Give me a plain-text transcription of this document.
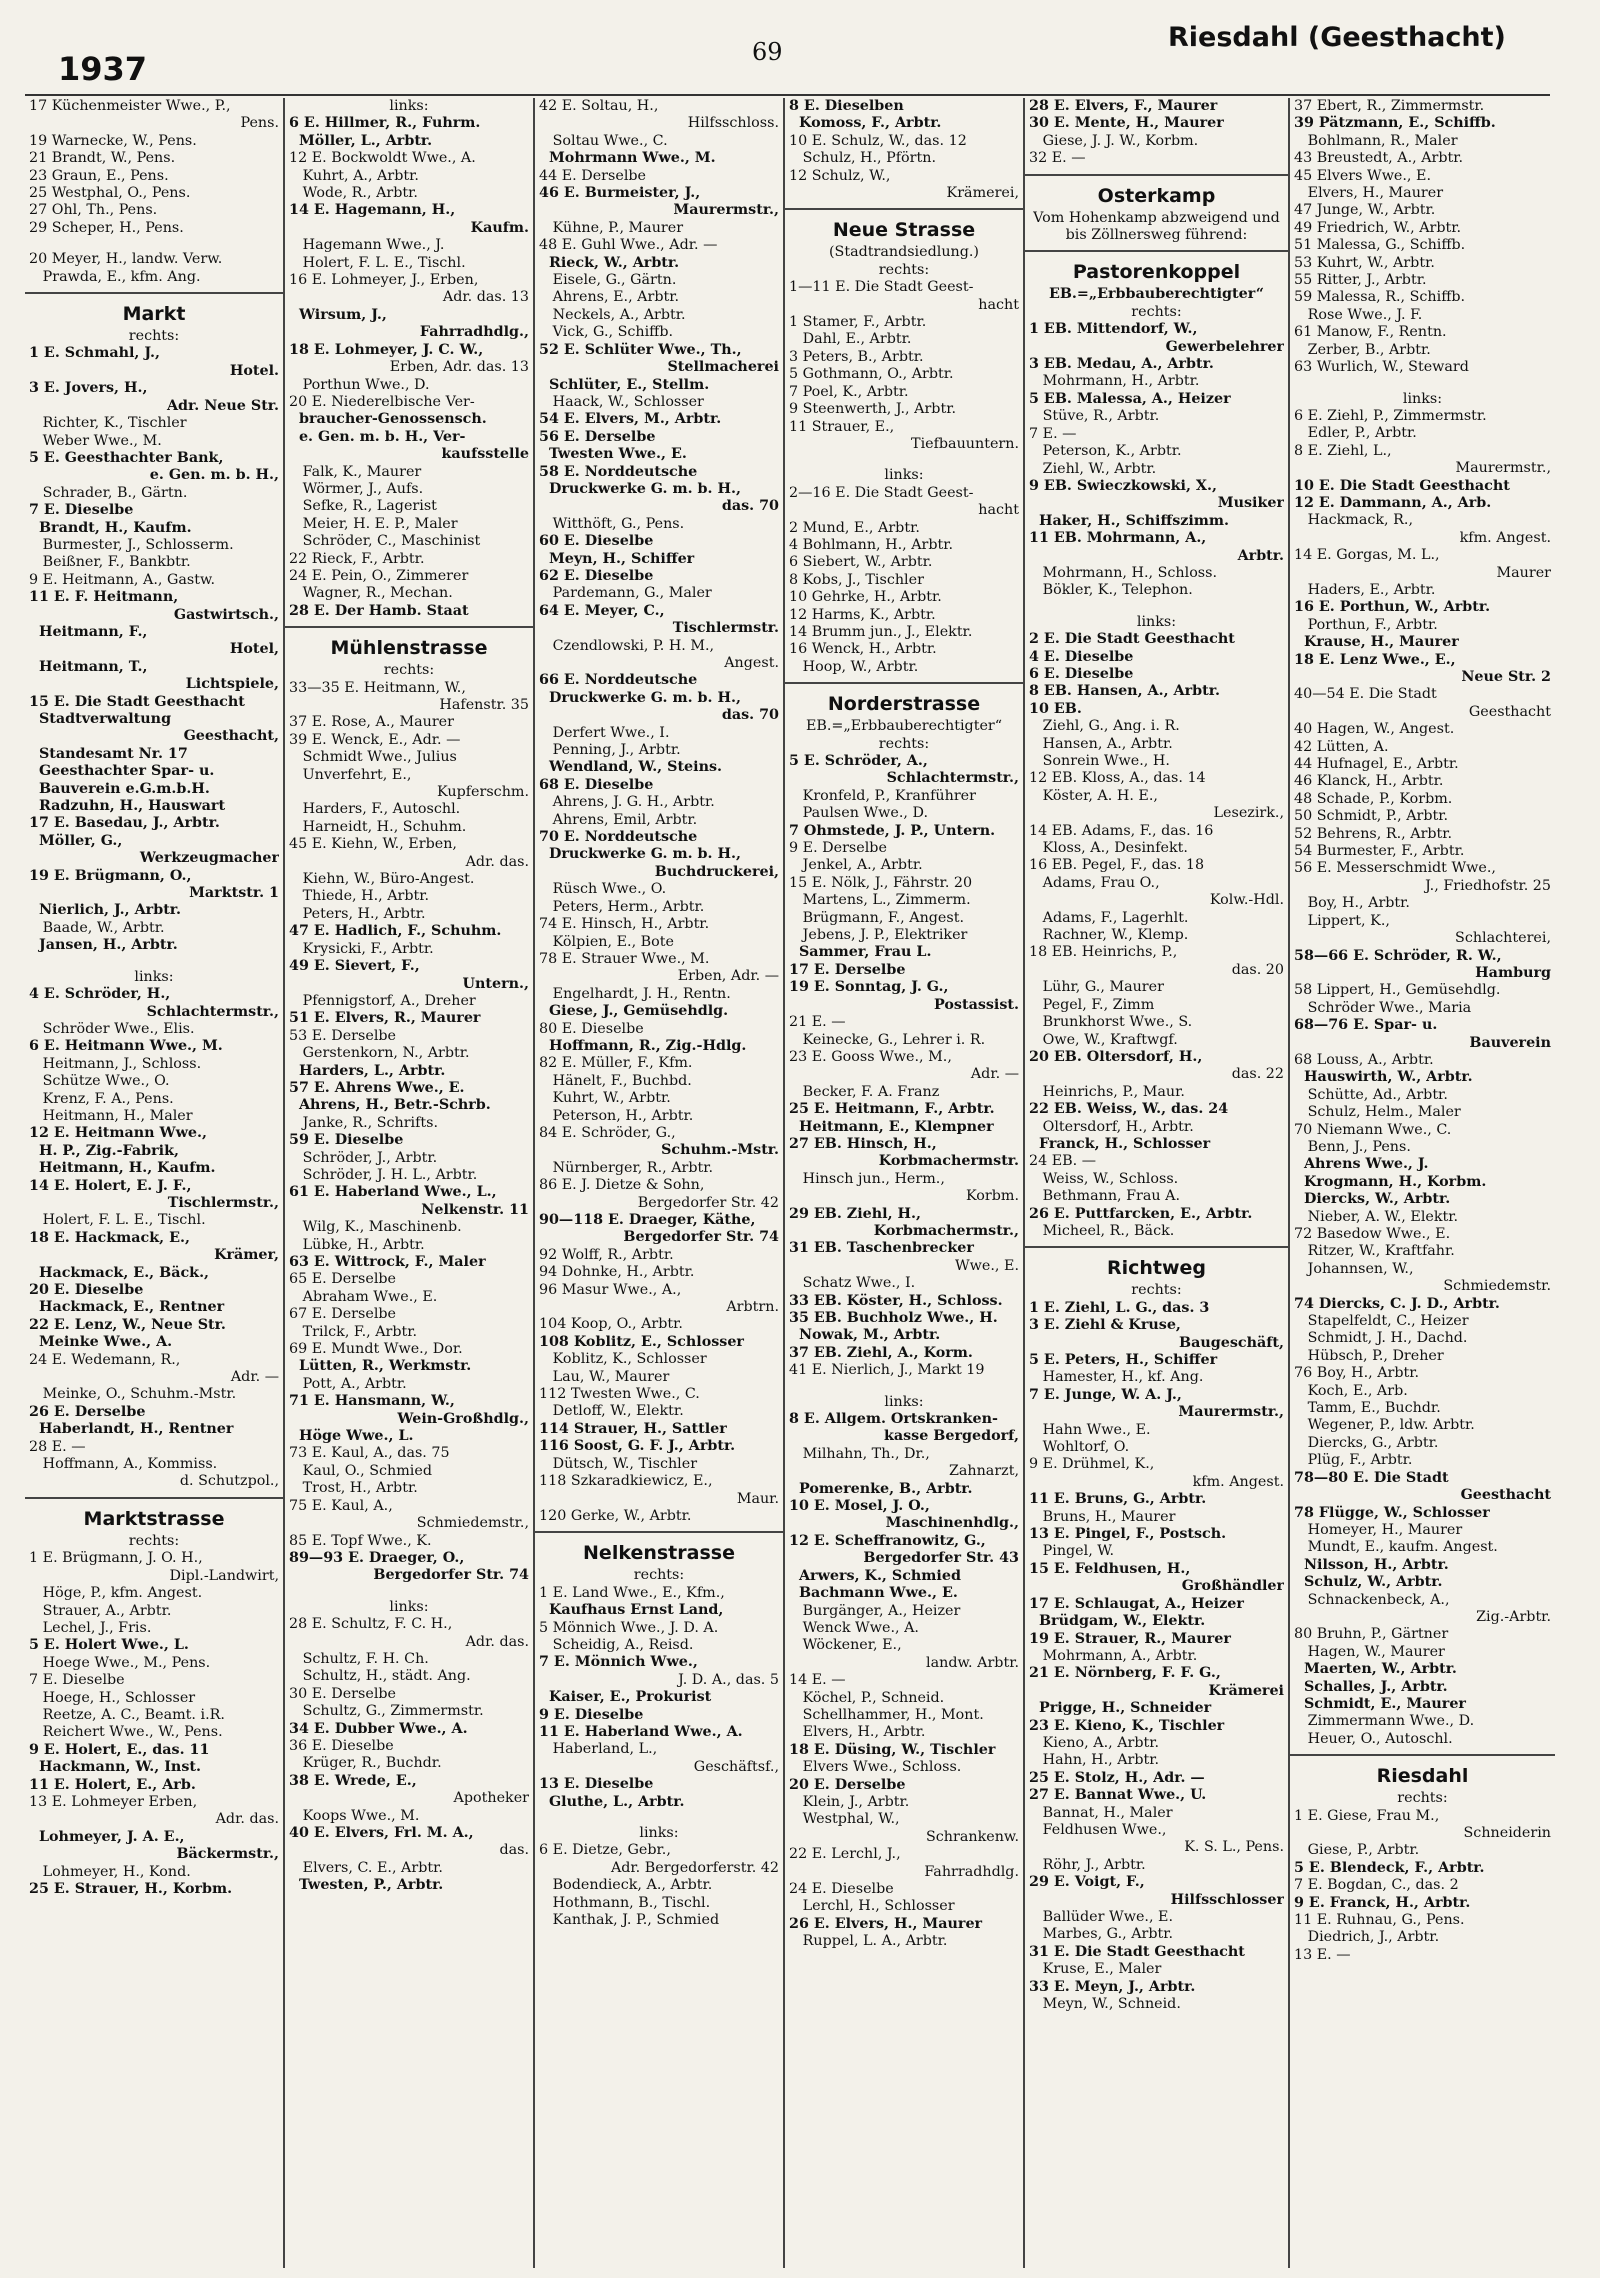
1937	69	Riesdahl (Geesthacht)
17 Küchenmeister Wwe., P.,
Pens.
19 Warnecke, W., Pens.
21 Brandt, W., Pens.
23 Graun, E., Pens.
25 Westphal, O., Pens.
27 Ohl, Th., Pens.
29 Scheper, H., Pens.
20 Meyer, H., landw. Verw.
Prawda, E., kfm. Ang.
Markt
rechts:
1 E. Schmahl, J.,
Hotel.
3 E. Jovers, H.,
Adr. Neue Str.
Richter, K., Tischler
Weber Wwe., M.
5 E. Geesthachter Bank,
e. Gen. m. b. H.,
Schrader, B., Gärtn.
7 E. Dieselbe
Brandt, H., Kaufm.
Burmester, J., Schlosserm.
Beißner, F., Bankbtr.
9 E. Heitmann, A., Gastw.
11 E. F. Heitmann,
Gastwirtsch.,
Heitmann, F.,
Hotel,
Heitmann, T.,
Lichtspiele,
15 E. Die Stadt Geesthacht
Stadtverwaltung
Geesthacht,
Standesamt Nr. 17
Geesthachter Spar- u.
Bauverein e.G.m.b.H.
Radzuhn, H., Hauswart
17 E. Basedau, J., Arbtr.
Möller, G.,
Werkzeugmacher
19 E. Brügmann, O.,
Marktstr. 1
Nierlich, J., Arbtr.
Baade, W., Arbtr.
Jansen, H., Arbtr.
links:
4 E. Schröder, H.,
Schlachtermstr.,
Schröder Wwe., Elis.
6 E. Heitmann Wwe., M.
Heitmann, J., Schloss.
Schütze Wwe., O.
Krenz, F. A., Pens.
Heitmann, H., Maler
12 E. Heitmann Wwe.,
H. P., Zig.-Fabrik,
Heitmann, H., Kaufm.
14 E. Holert, E. J. F.,
Tischlermstr.,
Holert, F. L. E., Tischl.
18 E. Hackmack, E.,
Krämer,
Hackmack, E., Bäck.,
20 E. Dieselbe
Hackmack, E., Rentner
22 E. Lenz, W., Neue Str.
Meinke Wwe., A.
24 E. Wedemann, R.,
Adr. —
Meinke, O., Schuhm.-Mstr.
26 E. Derselbe
Haberlandt, H., Rentner
28 E. —
Hoffmann, A., Kommiss.
d. Schutzpol.,
Marktstrasse
rechts:
1 E. Brügmann, J. O. H.,
Dipl.-Landwirt,
Höge, P., kfm. Angest.
Strauer, A., Arbtr.
Lechel, J., Fris.
5 E. Holert Wwe., L.
Hoege Wwe., M., Pens.
7 E. Dieselbe
Hoege, H., Schlosser
Reetze, A. C., Beamt. i.R.
Reichert Wwe., W., Pens.
9 E. Holert, E., das. 11
Hackmann, W., Inst.
11 E. Holert, E., Arb.
13 E. Lohmeyer Erben,
Adr. das.
Lohmeyer, J. A. E.,
Bäckermstr.,
Lohmeyer, H., Kond.
25 E. Strauer, H., Korbm.
links:
6 E. Hillmer, R., Fuhrm.
Möller, L., Arbtr.
12 E. Bockwoldt Wwe., A.
Kuhrt, A., Arbtr.
Wode, R., Arbtr.
14 E. Hagemann, H.,
Kaufm.
Hagemann Wwe., J.
Holert, F. L. E., Tischl.
16 E. Lohmeyer, J., Erben,
Adr. das. 13
Wirsum, J.,
Fahrradhdlg.,
18 E. Lohmeyer, J. C. W.,
Erben, Adr. das. 13
Porthun Wwe., D.
20 E. Niederelbische Ver-
braucher-Genossensch.
e. Gen. m. b. H., Ver-
kaufsstelle
Falk, K., Maurer
Wörmer, J., Aufs.
Sefke, R., Lagerist
Meier, H. E. P., Maler
Schröder, C., Maschinist
22 Rieck, F., Arbtr.
24 E. Pein, O., Zimmerer
Wagner, R., Mechan.
28 E. Der Hamb. Staat
Mühlenstrasse
rechts:
33—35 E. Heitmann, W.,
Hafenstr. 35
37 E. Rose, A., Maurer
39 E. Wenck, E., Adr. —
Schmidt Wwe., Julius
Unverfehrt, E.,
Kupferschm.
Harders, F., Autoschl.
Harneidt, H., Schuhm.
45 E. Kiehn, W., Erben,
Adr. das.
Kiehn, W., Büro-Angest.
Thiede, H., Arbtr.
Peters, H., Arbtr.
47 E. Hadlich, F., Schuhm.
Krysicki, F., Arbtr.
49 E. Sievert, F.,
Untern.,
Pfennigstorf, A., Dreher
51 E. Elvers, R., Maurer
53 E. Derselbe
Gerstenkorn, N., Arbtr.
Harders, L., Arbtr.
57 E. Ahrens Wwe., E.
Ahrens, H., Betr.-Schrb.
Janke, R., Schrifts.
59 E. Dieselbe
Schröder, J., Arbtr.
Schröder, J. H. L., Arbtr.
61 E. Haberland Wwe., L.,
Nelkenstr. 11
Wilg, K., Maschinenb.
Lübke, H., Arbtr.
63 E. Wittrock, F., Maler
65 E. Derselbe
Abraham Wwe., E.
67 E. Derselbe
Trilck, F., Arbtr.
69 E. Mundt Wwe., Dor.
Lütten, R., Werkmstr.
Pott, A., Arbtr.
71 E. Hansmann, W.,
Wein-Großhdlg.,
Höge Wwe., L.
73 E. Kaul, A., das. 75
Kaul, O., Schmied
Trost, H., Arbtr.
75 E. Kaul, A.,
Schmiedemstr.,
85 E. Topf Wwe., K.
89—93 E. Draeger, O.,
Bergedorfer Str. 74
links:
28 E. Schultz, F. C. H.,
Adr. das.
Schultz, F. H. Ch.
Schultz, H., städt. Ang.
30 E. Derselbe
Schultz, G., Zimmermstr.
34 E. Dubber Wwe., A.
36 E. Dieselbe
Krüger, R., Buchdr.
38 E. Wrede, E.,
Apotheker
Koops Wwe., M.
40 E. Elvers, Frl. M. A.,
das.
Elvers, C. E., Arbtr.
Twesten, P., Arbtr.
42 E. Soltau, H.,
Hilfsschloss.
Soltau Wwe., C.
Mohrmann Wwe., M.
44 E. Derselbe
46 E. Burmeister, J.,
Maurermstr.,
Kühne, P., Maurer
48 E. Guhl Wwe., Adr. —
Rieck, W., Arbtr.
Eisele, G., Gärtn.
Ahrens, E., Arbtr.
Neckels, A., Arbtr.
Vick, G., Schiffb.
52 E. Schlüter Wwe., Th.,
Stellmacherei
Schlüter, E., Stellm.
Haack, W., Schlosser
54 E. Elvers, M., Arbtr.
56 E. Derselbe
Twesten Wwe., E.
58 E. Norddeutsche
Druckwerke G. m. b. H.,
das. 70
Witthöft, G., Pens.
60 E. Dieselbe
Meyn, H., Schiffer
62 E. Dieselbe
Pardemann, G., Maler
64 E. Meyer, C.,
Tischlermstr.
Czendlowski, P. H. M.,
Angest.
66 E. Norddeutsche
Druckwerke G. m. b. H.,
das. 70
Derfert Wwe., I.
Penning, J., Arbtr.
Wendland, W., Steins.
68 E. Dieselbe
Ahrens, J. G. H., Arbtr.
Ahrens, Emil, Arbtr.
70 E. Norddeutsche
Druckwerke G. m. b. H.,
Buchdruckerei,
Rüsch Wwe., O.
Peters, Herm., Arbtr.
74 E. Hinsch, H., Arbtr.
Kölpien, E., Bote
78 E. Strauer Wwe., M.
Erben, Adr. —
Engelhardt, J. H., Rentn.
Giese, J., Gemüsehdlg.
80 E. Dieselbe
Hoffmann, R., Zig.-Hdlg.
82 E. Müller, F., Kfm.
Hänelt, F., Buchbd.
Kuhrt, W., Arbtr.
Peterson, H., Arbtr.
84 E. Schröder, G.,
Schuhm.-Mstr.
Nürnberger, R., Arbtr.
86 E. J. Dietze & Sohn,
Bergedorfer Str. 42
90—118 E. Draeger, Käthe,
Bergedorfer Str. 74
92 Wolff, R., Arbtr.
94 Dohnke, H., Arbtr.
96 Masur Wwe., A.,
Arbtrn.
104 Koop, O., Arbtr.
108 Koblitz, E., Schlosser
Koblitz, K., Schlosser
Lau, W., Maurer
112 Twesten Wwe., C.
Detloff, W., Elektr.
114 Strauer, H., Sattler
116 Soost, G. F. J., Arbtr.
Dütsch, W., Tischler
118 Szkaradkiewicz, E.,
Maur.
120 Gerke, W., Arbtr.
Nelkenstrasse
rechts:
1 E. Land Wwe., E., Kfm.,
Kaufhaus Ernst Land,
5 Mönnich Wwe., J. D. A.
Scheidig, A., Reisd.
7 E. Mönnich Wwe.,
J. D. A., das. 5
Kaiser, E., Prokurist
9 E. Dieselbe
11 E. Haberland Wwe., A.
Haberland, L.,
Geschäftsf.,
13 E. Dieselbe
Gluthe, L., Arbtr.
links:
6 E. Dietze, Gebr.,
Adr. Bergedorferstr. 42
Bodendieck, A., Arbtr.
Hothmann, B., Tischl.
Kanthak, J. P., Schmied
8 E. Dieselben
Komoss, F., Arbtr.
10 E. Schulz, W., das. 12
Schulz, H., Pförtn.
12 Schulz, W.,
Krämerei,
Neue Strasse
(Stadtrandsiedlung.)
rechts:
1—11 E. Die Stadt Geest-
hacht
1 Stamer, F., Arbtr.
Dahl, E., Arbtr.
3 Peters, B., Arbtr.
5 Gothmann, O., Arbtr.
7 Poel, K., Arbtr.
9 Steenwerth, J., Arbtr.
11 Strauer, E.,
Tiefbauuntern.
links:
2—16 E. Die Stadt Geest-
hacht
2 Mund, E., Arbtr.
4 Bohlmann, H., Arbtr.
6 Siebert, W., Arbtr.
8 Kobs, J., Tischler
10 Gehrke, H., Arbtr.
12 Harms, K., Arbtr.
14 Brumm jun., J., Elektr.
16 Wenck, H., Arbtr.
Hoop, W., Arbtr.
Norderstrasse
EB.=„Erbbauberechtigter“
rechts:
5 E. Schröder, A.,
Schlachtermstr.,
Kronfeld, P., Kranführer
Paulsen Wwe., D.
7 Ohmstede, J. P., Untern.
9 E. Derselbe
Jenkel, A., Arbtr.
15 E. Nölk, J., Fährstr. 20
Martens, L., Zimmerm.
Brügmann, F., Angest.
Jebens, J. P., Elektriker
Sammer, Frau L.
17 E. Derselbe
19 E. Sonntag, J. G.,
Postassist.
21 E. —
Keinecke, G., Lehrer i. R.
23 E. Gooss Wwe., M.,
Adr. —
Becker, F. A. Franz
25 E. Heitmann, F., Arbtr.
Heitmann, E., Klempner
27 EB. Hinsch, H.,
Korbmachermstr.
Hinsch jun., Herm.,
Korbm.
29 EB. Ziehl, H.,
Korbmachermstr.,
31 EB. Taschenbrecker
Wwe., E.
Schatz Wwe., I.
33 EB. Köster, H., Schloss.
35 EB. Buchholz Wwe., H.
Nowak, M., Arbtr.
37 EB. Ziehl, A., Korm.
41 E. Nierlich, J., Markt 19
links:
8 E. Allgem. Ortskranken-
kasse Bergedorf,
Milhahn, Th., Dr.,
Zahnarzt,
Pomerenke, B., Arbtr.
10 E. Mosel, J. O.,
Maschinenhdlg.,
12 E. Scheffranowitz, G.,
Bergedorfer Str. 43
Arwers, K., Schmied
Bachmann Wwe., E.
Burgänger, A., Heizer
Wenck Wwe., A.
Wöckener, E.,
landw. Arbtr.
14 E. —
Köchel, P., Schneid.
Schellhammer, H., Mont.
Elvers, H., Arbtr.
18 E. Düsing, W., Tischler
Elvers Wwe., Schloss.
20 E. Derselbe
Klein, J., Arbtr.
Westphal, W.,
Schrankenw.
22 E. Lerchl, J.,
Fahrradhdlg.
24 E. Dieselbe
Lerchl, H., Schlosser
26 E. Elvers, H., Maurer
Ruppel, L. A., Arbtr.
28 E. Elvers, F., Maurer
30 E. Mente, H., Maurer
Giese, J. J. W., Korbm.
32 E. —
Osterkamp
Vom Hohenkamp abzweigend und bis Zöllnersweg führend:
Pastorenkoppel
EB.=„Erbbauberechtigter“
rechts:
1 EB. Mittendorf, W.,
Gewerbelehrer
3 EB. Medau, A., Arbtr.
Mohrmann, H., Arbtr.
5 EB. Malessa, A., Heizer
Stüve, R., Arbtr.
7 E. —
Peterson, K., Arbtr.
Ziehl, W., Arbtr.
9 EB. Swieczkowski, X.,
Musiker
Haker, H., Schiffszimm.
11 EB. Mohrmann, A.,
Arbtr.
Mohrmann, H., Schloss.
Bökler, K., Telephon.
links:
2 E. Die Stadt Geesthacht
4 E. Dieselbe
6 E. Dieselbe
8 EB. Hansen, A., Arbtr.
10 EB.
Ziehl, G., Ang. i. R.
Hansen, A., Arbtr.
Sonrein Wwe., H.
12 EB. Kloss, A., das. 14
Köster, A. H. E.,
Lesezirk.,
14 EB. Adams, F., das. 16
Kloss, A., Desinfekt.
16 EB. Pegel, F., das. 18
Adams, Frau O.,
Kolw.-Hdl.
Adams, F., Lagerhlt.
Rachner, W., Klemp.
18 EB. Heinrichs, P.,
das. 20
Lühr, G., Maurer
Pegel, F., Zimm
Brunkhorst Wwe., S.
Owe, W., Kraftwgf.
20 EB. Oltersdorf, H.,
das. 22
Heinrichs, P., Maur.
22 EB. Weiss, W., das. 24
Oltersdorf, H., Arbtr.
Franck, H., Schlosser
24 EB. —
Weiss, W., Schloss.
Bethmann, Frau A.
26 E. Puttfarcken, E., Arbtr.
Micheel, R., Bäck.
Richtweg
rechts:
1 E. Ziehl, L. G., das. 3
3 E. Ziehl & Kruse,
Baugeschäft,
5 E. Peters, H., Schiffer
Hamester, H., kf. Ang.
7 E. Junge, W. A. J.,
Maurermstr.,
Hahn Wwe., E.
Wohltorf, O.
9 E. Drühmel, K.,
kfm. Angest.
11 E. Bruns, G., Arbtr.
Bruns, H., Maurer
13 E. Pingel, F., Postsch.
Pingel, W.
15 E. Feldhusen, H.,
Großhändler
17 E. Schlaugat, A., Heizer
Brüdgam, W., Elektr.
19 E. Strauer, R., Maurer
Mohrmann, A., Arbtr.
21 E. Nörnberg, F. F. G.,
Krämerei
Prigge, H., Schneider
23 E. Kieno, K., Tischler
Kieno, A., Arbtr.
Hahn, H., Arbtr.
25 E. Stolz, H., Adr. —
27 E. Bannat Wwe., U.
Bannat, H., Maler
Feldhusen Wwe.,
K. S. L., Pens.
Röhr, J., Arbtr.
29 E. Voigt, F.,
Hilfsschlosser
Ballüder Wwe., E.
Marbes, G., Arbtr.
31 E. Die Stadt Geesthacht
Kruse, E., Maler
33 E. Meyn, J., Arbtr.
Meyn, W., Schneid.
37 Ebert, R., Zimmermstr.
39 Pätzmann, E., Schiffb.
Bohlmann, R., Maler
43 Breustedt, A., Arbtr.
45 Elvers Wwe., E.
Elvers, H., Maurer
47 Junge, W., Arbtr.
49 Friedrich, W., Arbtr.
51 Malessa, G., Schiffb.
53 Kuhrt, W., Arbtr.
55 Ritter, J., Arbtr.
59 Malessa, R., Schiffb.
Rose Wwe., J. F.
61 Manow, F., Rentn.
Zerber, B., Arbtr.
63 Wurlich, W., Steward
links:
6 E. Ziehl, P., Zimmermstr.
Edler, P., Arbtr.
8 E. Ziehl, L.,
Maurermstr.,
10 E. Die Stadt Geesthacht
12 E. Dammann, A., Arb.
Hackmack, R.,
kfm. Angest.
14 E. Gorgas, M. L.,
Maurer
Haders, E., Arbtr.
16 E. Porthun, W., Arbtr.
Porthun, F., Arbtr.
Krause, H., Maurer
18 E. Lenz Wwe., E.,
Neue Str. 2
40—54 E. Die Stadt
Geesthacht
40 Hagen, W., Angest.
42 Lütten, A.
44 Hufnagel, E., Arbtr.
46 Klanck, H., Arbtr.
48 Schade, P., Korbm.
50 Schmidt, P., Arbtr.
52 Behrens, R., Arbtr.
54 Burmester, F., Arbtr.
56 E. Messerschmidt Wwe.,
J., Friedhofstr. 25
Boy, H., Arbtr.
Lippert, K.,
Schlachterei,
58—66 E. Schröder, R. W.,
Hamburg
58 Lippert, H., Gemüsehdlg.
Schröder Wwe., Maria
68—76 E. Spar- u.
Bauverein
68 Louss, A., Arbtr.
Hauswirth, W., Arbtr.
Schütte, Ad., Arbtr.
Schulz, Helm., Maler
70 Niemann Wwe., C.
Benn, J., Pens.
Ahrens Wwe., J.
Krogmann, H., Korbm.
Diercks, W., Arbtr.
Nieber, A. W., Elektr.
72 Basedow Wwe., E.
Ritzer, W., Kraftfahr.
Johannsen, W.,
Schmiedemstr.
74 Diercks, C. J. D., Arbtr.
Stapelfeldt, C., Heizer
Schmidt, J. H., Dachd.
Hübsch, P., Dreher
76 Boy, H., Arbtr.
Koch, E., Arb.
Tamm, E., Buchdr.
Wegener, P., ldw. Arbtr.
Diercks, G., Arbtr.
Plüg, F., Arbtr.
78—80 E. Die Stadt
Geesthacht
78 Flügge, W., Schlosser
Homeyer, H., Maurer
Mundt, E., kaufm. Angest.
Nilsson, H., Arbtr.
Schulz, W., Arbtr.
Schnackenbeck, A.,
Zig.-Arbtr.
80 Bruhn, P., Gärtner
Hagen, W., Maurer
Maerten, W., Arbtr.
Schalles, J., Arbtr.
Schmidt, E., Maurer
Zimmermann Wwe., D.
Heuer, O., Autoschl.
Riesdahl
rechts:
1 E. Giese, Frau M.,
Schneiderin
Giese, P., Arbtr.
5 E. Blendeck, F., Arbtr.
7 E. Bogdan, C., das. 2
9 E. Franck, H., Arbtr.
11 E. Ruhnau, G., Pens.
Diedrich, J., Arbtr.
13 E. —
